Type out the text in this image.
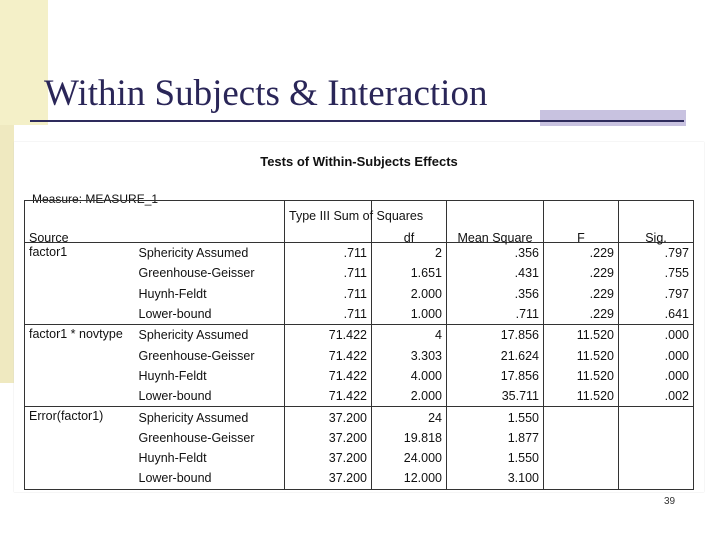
Within Subjects & Interaction
Tests of Within-Subjects Effects
Measure: MEASURE_1
Source		Type III Sum of Squares	df	Mean Square	F	Sig.

factor1	Sphericity Assumed	.711	2	.356	.229	.797
	Greenhouse-Geisser	.711	1.651	.431	.229	.755
	Huynh-Feldt	.711	2.000	.356	.229	.797
	Lower-bound	.711	1.000	.711	.229	.641
factor1 * novtype	Sphericity Assumed	71.422	4	17.856	11.520	.000
	Greenhouse-Geisser	71.422	3.303	21.624	11.520	.000
	Huynh-Feldt	71.422	4.000	17.856	11.520	.000
	Lower-bound	71.422	2.000	35.711	11.520	.002
Error(factor1)	Sphericity Assumed	37.200	24	1.550		
	Greenhouse-Geisser	37.200	19.818	1.877		
	Huynh-Feldt	37.200	24.000	1.550		
	Lower-bound	37.200	12.000	3.100		
39
